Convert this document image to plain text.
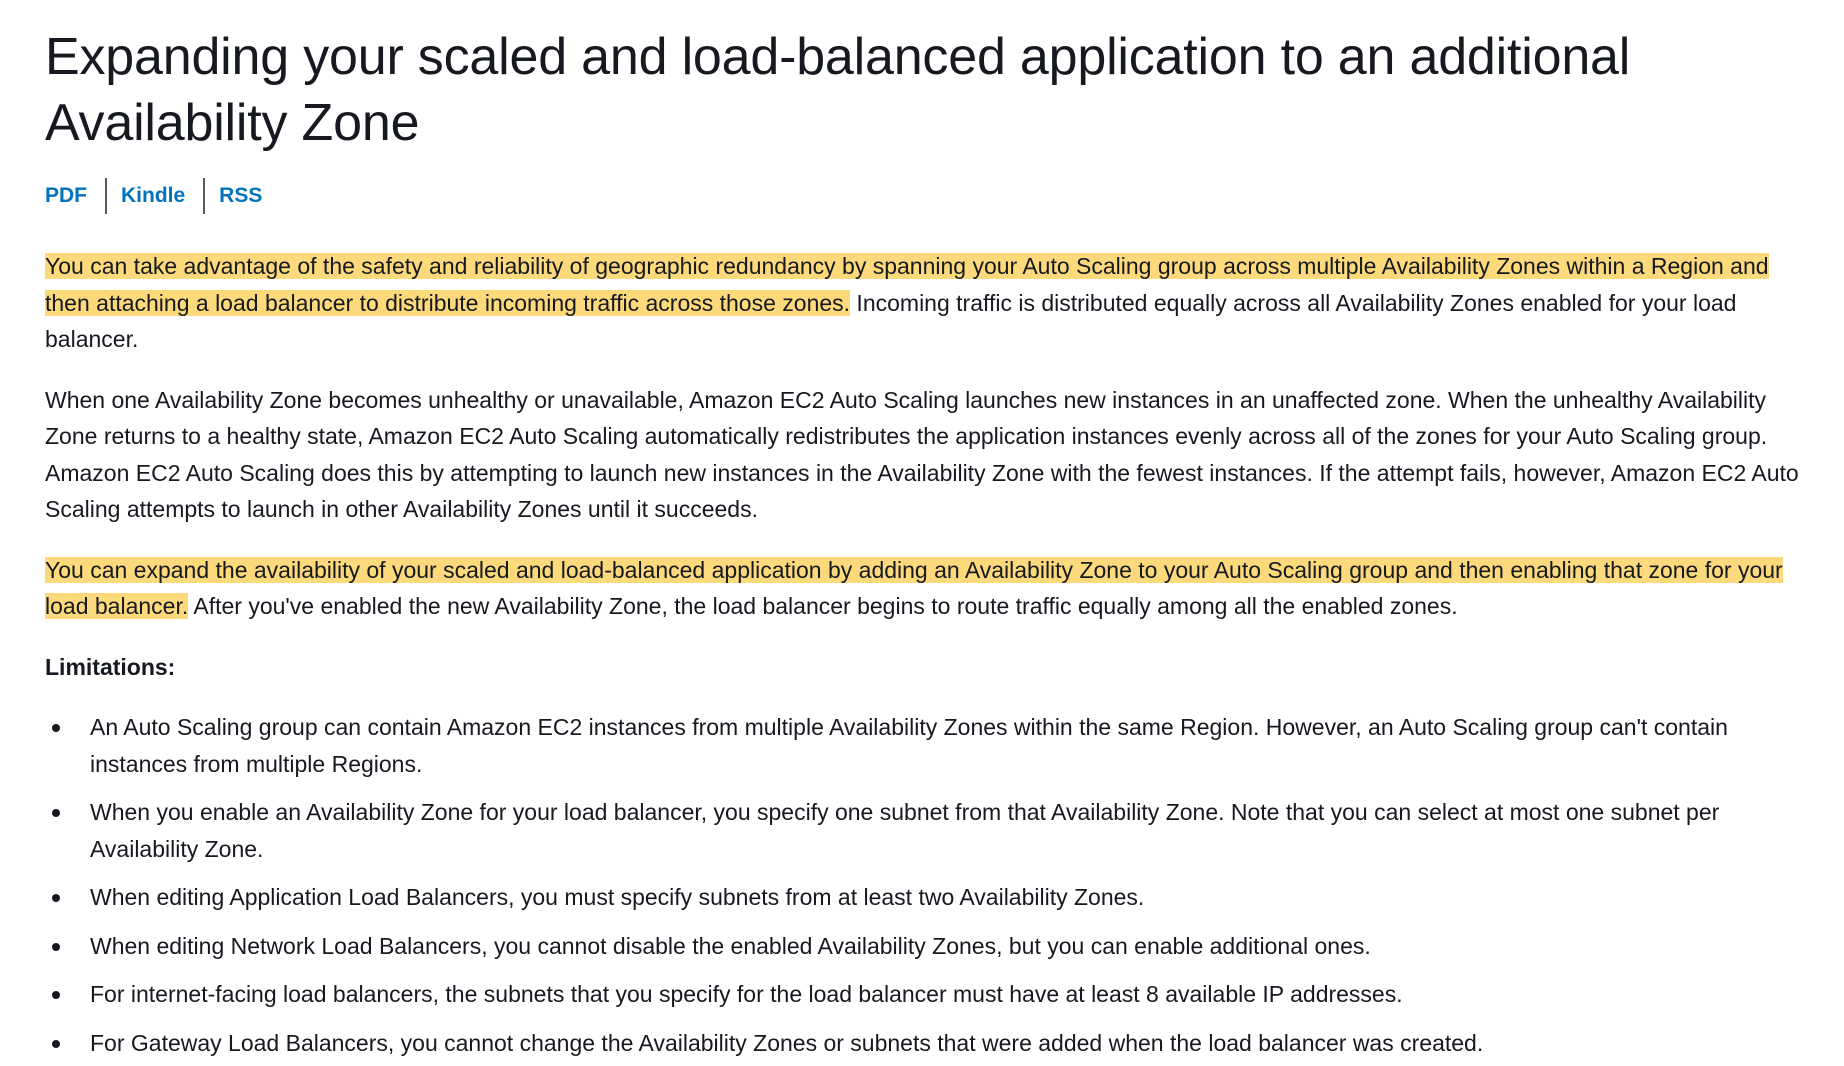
Expanding your scaled and load-balanced application to an additional Availability Zone
PDF Kindle RSS

You can take advantage of the safety and reliability of geographic redundancy by spanning your Auto Scaling group across multiple Availability Zones within a Region and then attaching a load balancer to distribute incoming traffic across those zones. Incoming traffic is distributed equally across all Availability Zones enabled for your load balancer.

When one Availability Zone becomes unhealthy or unavailable, Amazon EC2 Auto Scaling launches new instances in an unaffected zone. When the unhealthy Availability Zone returns to a healthy state, Amazon EC2 Auto Scaling automatically redistributes the application instances evenly across all of the zones for your Auto Scaling group. Amazon EC2 Auto Scaling does this by attempting to launch new instances in the Availability Zone with the fewest instances. If the attempt fails, however, Amazon EC2 Auto Scaling attempts to launch in other Availability Zones until it succeeds.

You can expand the availability of your scaled and load-balanced application by adding an Availability Zone to your Auto Scaling group and then enabling that zone for your load balancer. After you've enabled the new Availability Zone, the load balancer begins to route traffic equally among all the enabled zones.

Limitations:

An Auto Scaling group can contain Amazon EC2 instances from multiple Availability Zones within the same Region. However, an Auto Scaling group can't contain instances from multiple Regions.
When you enable an Availability Zone for your load balancer, you specify one subnet from that Availability Zone. Note that you can select at most one subnet per Availability Zone.
When editing Application Load Balancers, you must specify subnets from at least two Availability Zones.
When editing Network Load Balancers, you cannot disable the enabled Availability Zones, but you can enable additional ones.
For internet-facing load balancers, the subnets that you specify for the load balancer must have at least 8 available IP addresses.
For Gateway Load Balancers, you cannot change the Availability Zones or subnets that were added when the load balancer was created.
